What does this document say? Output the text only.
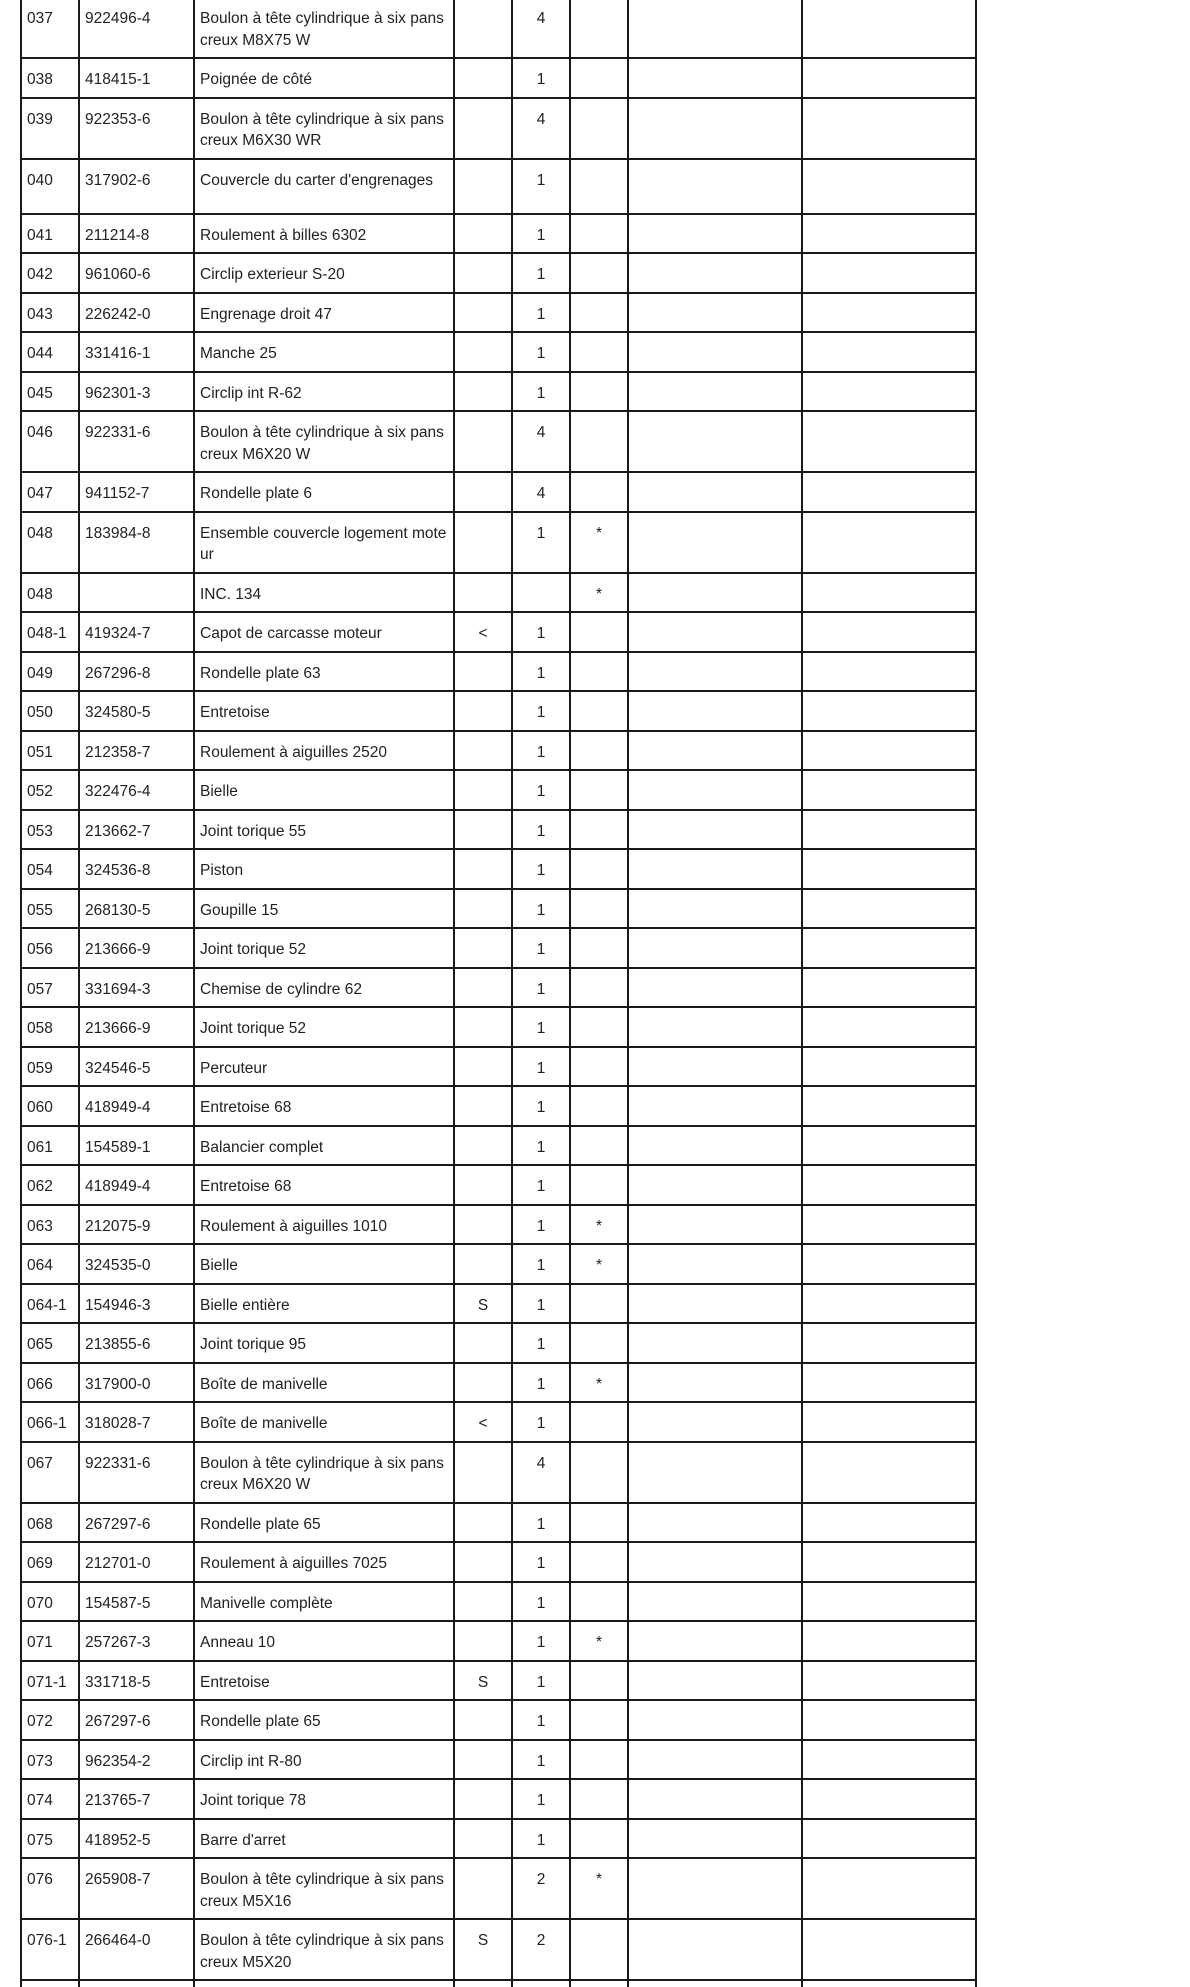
037	922496-4	Boulon à tête cylindrique à six pans creux M8X75 W		4			
038	418415-1	Poignée de côté		1			
039	922353-6	Boulon à tête cylindrique à six pans creux M6X30 WR		4			
040	317902-6	Couvercle du carter d'engrenages		1			
041	211214-8	Roulement à billes 6302		1			
042	961060-6	Circlip exterieur S-20		1			
043	226242-0	Engrenage droit 47		1			
044	331416-1	Manche 25		1			
045	962301-3	Circlip int R-62		1			
046	922331-6	Boulon à tête cylindrique à six pans creux M6X20 W		4			
047	941152-7	Rondelle plate 6		4			
048	183984-8	Ensemble couvercle logement moteur		1	*		
048		INC. 134			*		
048-1	419324-7	Capot de carcasse moteur	<	1			
049	267296-8	Rondelle plate 63		1			
050	324580-5	Entretoise		1			
051	212358-7	Roulement à aiguilles 2520		1			
052	322476-4	Bielle		1			
053	213662-7	Joint torique 55		1			
054	324536-8	Piston		1			
055	268130-5	Goupille 15		1			
056	213666-9	Joint torique 52		1			
057	331694-3	Chemise de cylindre 62		1			
058	213666-9	Joint torique 52		1			
059	324546-5	Percuteur		1			
060	418949-4	Entretoise 68		1			
061	154589-1	Balancier complet		1			
062	418949-4	Entretoise 68		1			
063	212075-9	Roulement à aiguilles 1010		1	*		
064	324535-0	Bielle		1	*		
064-1	154946-3	Bielle entière	S	1			
065	213855-6	Joint torique 95		1			
066	317900-0	Boîte de manivelle		1	*		
066-1	318028-7	Boîte de manivelle	<	1			
067	922331-6	Boulon à tête cylindrique à six pans creux M6X20 W		4			
068	267297-6	Rondelle plate 65		1			
069	212701-0	Roulement à aiguilles 7025		1			
070	154587-5	Manivelle complète		1			
071	257267-3	Anneau 10		1	*		
071-1	331718-5	Entretoise	S	1			
072	267297-6	Rondelle plate 65		1			
073	962354-2	Circlip int R-80		1			
074	213765-7	Joint torique 78		1			
075	418952-5	Barre d'arret		1			
076	265908-7	Boulon à tête cylindrique à six pans creux M5X16		2	*		
076-1	266464-0	Boulon à tête cylindrique à six pans creux M5X20	S	2			
